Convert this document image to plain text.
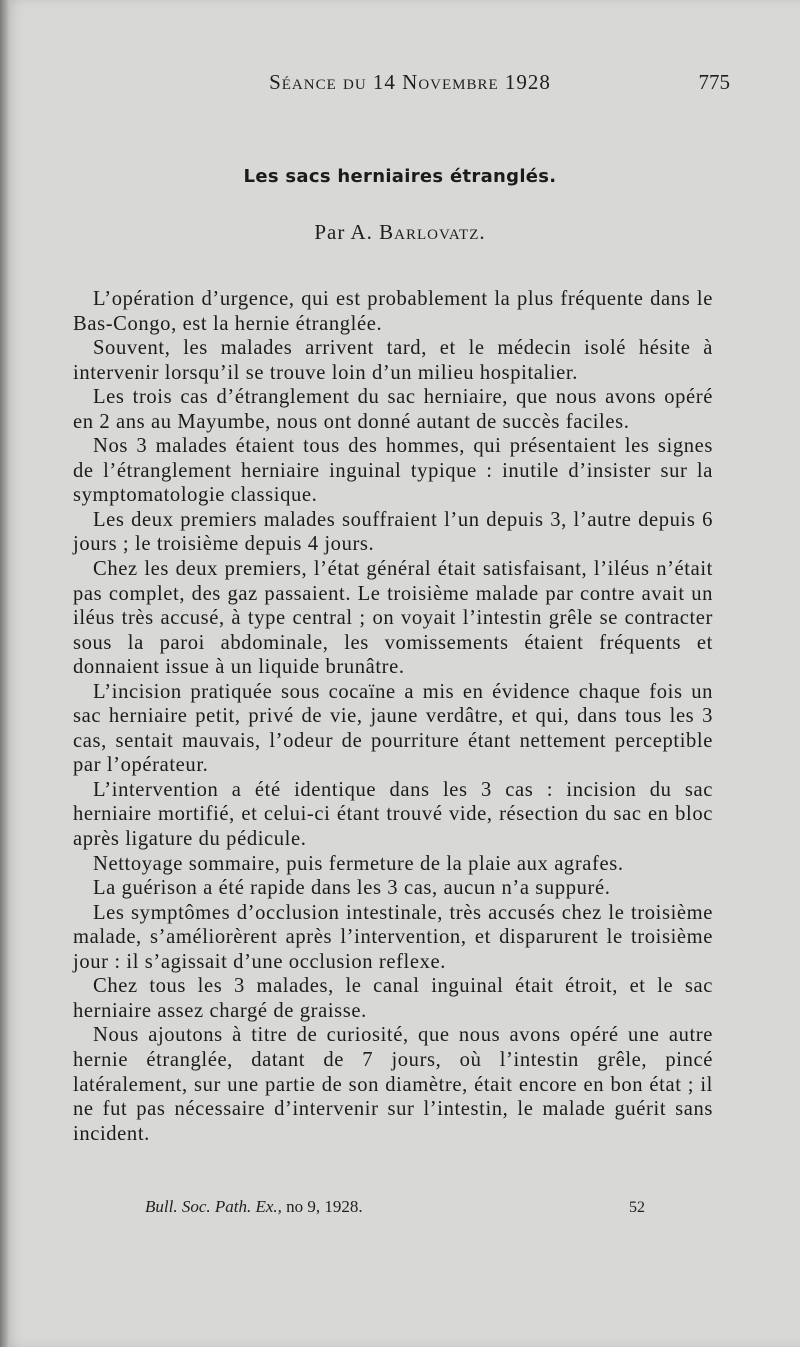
Séance du 14 Novembre 1928	775
Les sacs herniaires étranglés.
Par A. Barlovatz.

L’opération d’urgence, qui est probablement la plus fréquente dans le Bas-Congo, est la hernie étranglée.

Souvent, les malades arrivent tard, et le médecin isolé hésite à intervenir lorsqu’il se trouve loin d’un milieu hospitalier.

Les trois cas d’étranglement du sac herniaire, que nous avons opéré en 2 ans au Mayumbe, nous ont donné autant de succès faciles.

Nos 3 malades étaient tous des hommes, qui présentaient les signes de l’étranglement herniaire inguinal typique : inutile d’insister sur la symptomatologie classique.

Les deux premiers malades souffraient l’un depuis 3, l’autre depuis 6 jours ; le troisième depuis 4 jours.

Chez les deux premiers, l’état général était satisfaisant, l’iléus n’était pas complet, des gaz passaient. Le troisième malade par contre avait un iléus très accusé, à type central ; on voyait l’intestin grêle se contracter sous la paroi abdominale, les vomissements étaient fréquents et donnaient issue à un liquide brunâtre.

L’incision pratiquée sous cocaïne a mis en évidence chaque fois un sac herniaire petit, privé de vie, jaune verdâtre, et qui, dans tous les 3 cas, sentait mauvais, l’odeur de pourriture étant nettement perceptible par l’opérateur.

L’intervention a été identique dans les 3 cas : incision du sac herniaire mortifié, et celui-ci étant trouvé vide, résection du sac en bloc après ligature du pédicule.

Nettoyage sommaire, puis fermeture de la plaie aux agrafes.

La guérison a été rapide dans les 3 cas, aucun n’a suppuré.

Les symptômes d’occlusion intestinale, très accusés chez le troisième malade, s’améliorèrent après l’intervention, et disparurent le troisième jour : il s’agissait d’une occlusion reflexe.

Chez tous les 3 malades, le canal inguinal était étroit, et le sac herniaire assez chargé de graisse.

Nous ajoutons à titre de curiosité, que nous avons opéré une autre hernie étranglée, datant de 7 jours, où l’intestin grêle, pincé latéralement, sur une partie de son diamètre, était encore en bon état ; il ne fut pas nécessaire d’intervenir sur l’intestin, le malade guérit sans incident.

Bull. Soc. Path. Ex., no 9, 1928.	52
